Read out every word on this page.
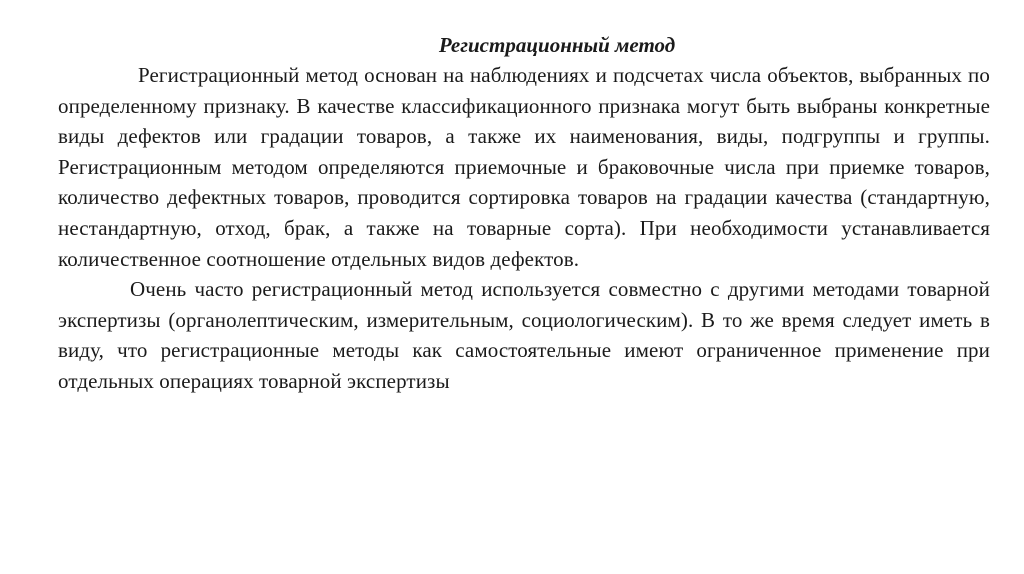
Регистрационный метод

Регистрационный метод основан на наблюдениях и подсчетах числа объектов, выбранных по определенному признаку. В качестве классификационного признака могут быть выбраны конкретные виды дефектов или градации товаров, а также их наименования, виды, подгруппы и группы. Регистрационным методом определяются приемочные и браковочные числа при приемке товаров, количество дефектных товаров, проводится сортировка товаров на градации качества (стандартную, нестандартную, отход, брак, а также на товарные сорта). При необходимости устанавливается количественное соотношение отдельных видов дефектов.

Очень часто регистрационный метод используется совместно с другими методами товарной экспертизы (органолептическим, измерительным, социологическим). В то же время следует иметь в виду, что регистрационные методы как самостоятельные имеют ограниченное применение при отдельных операциях товарной экспертизы
